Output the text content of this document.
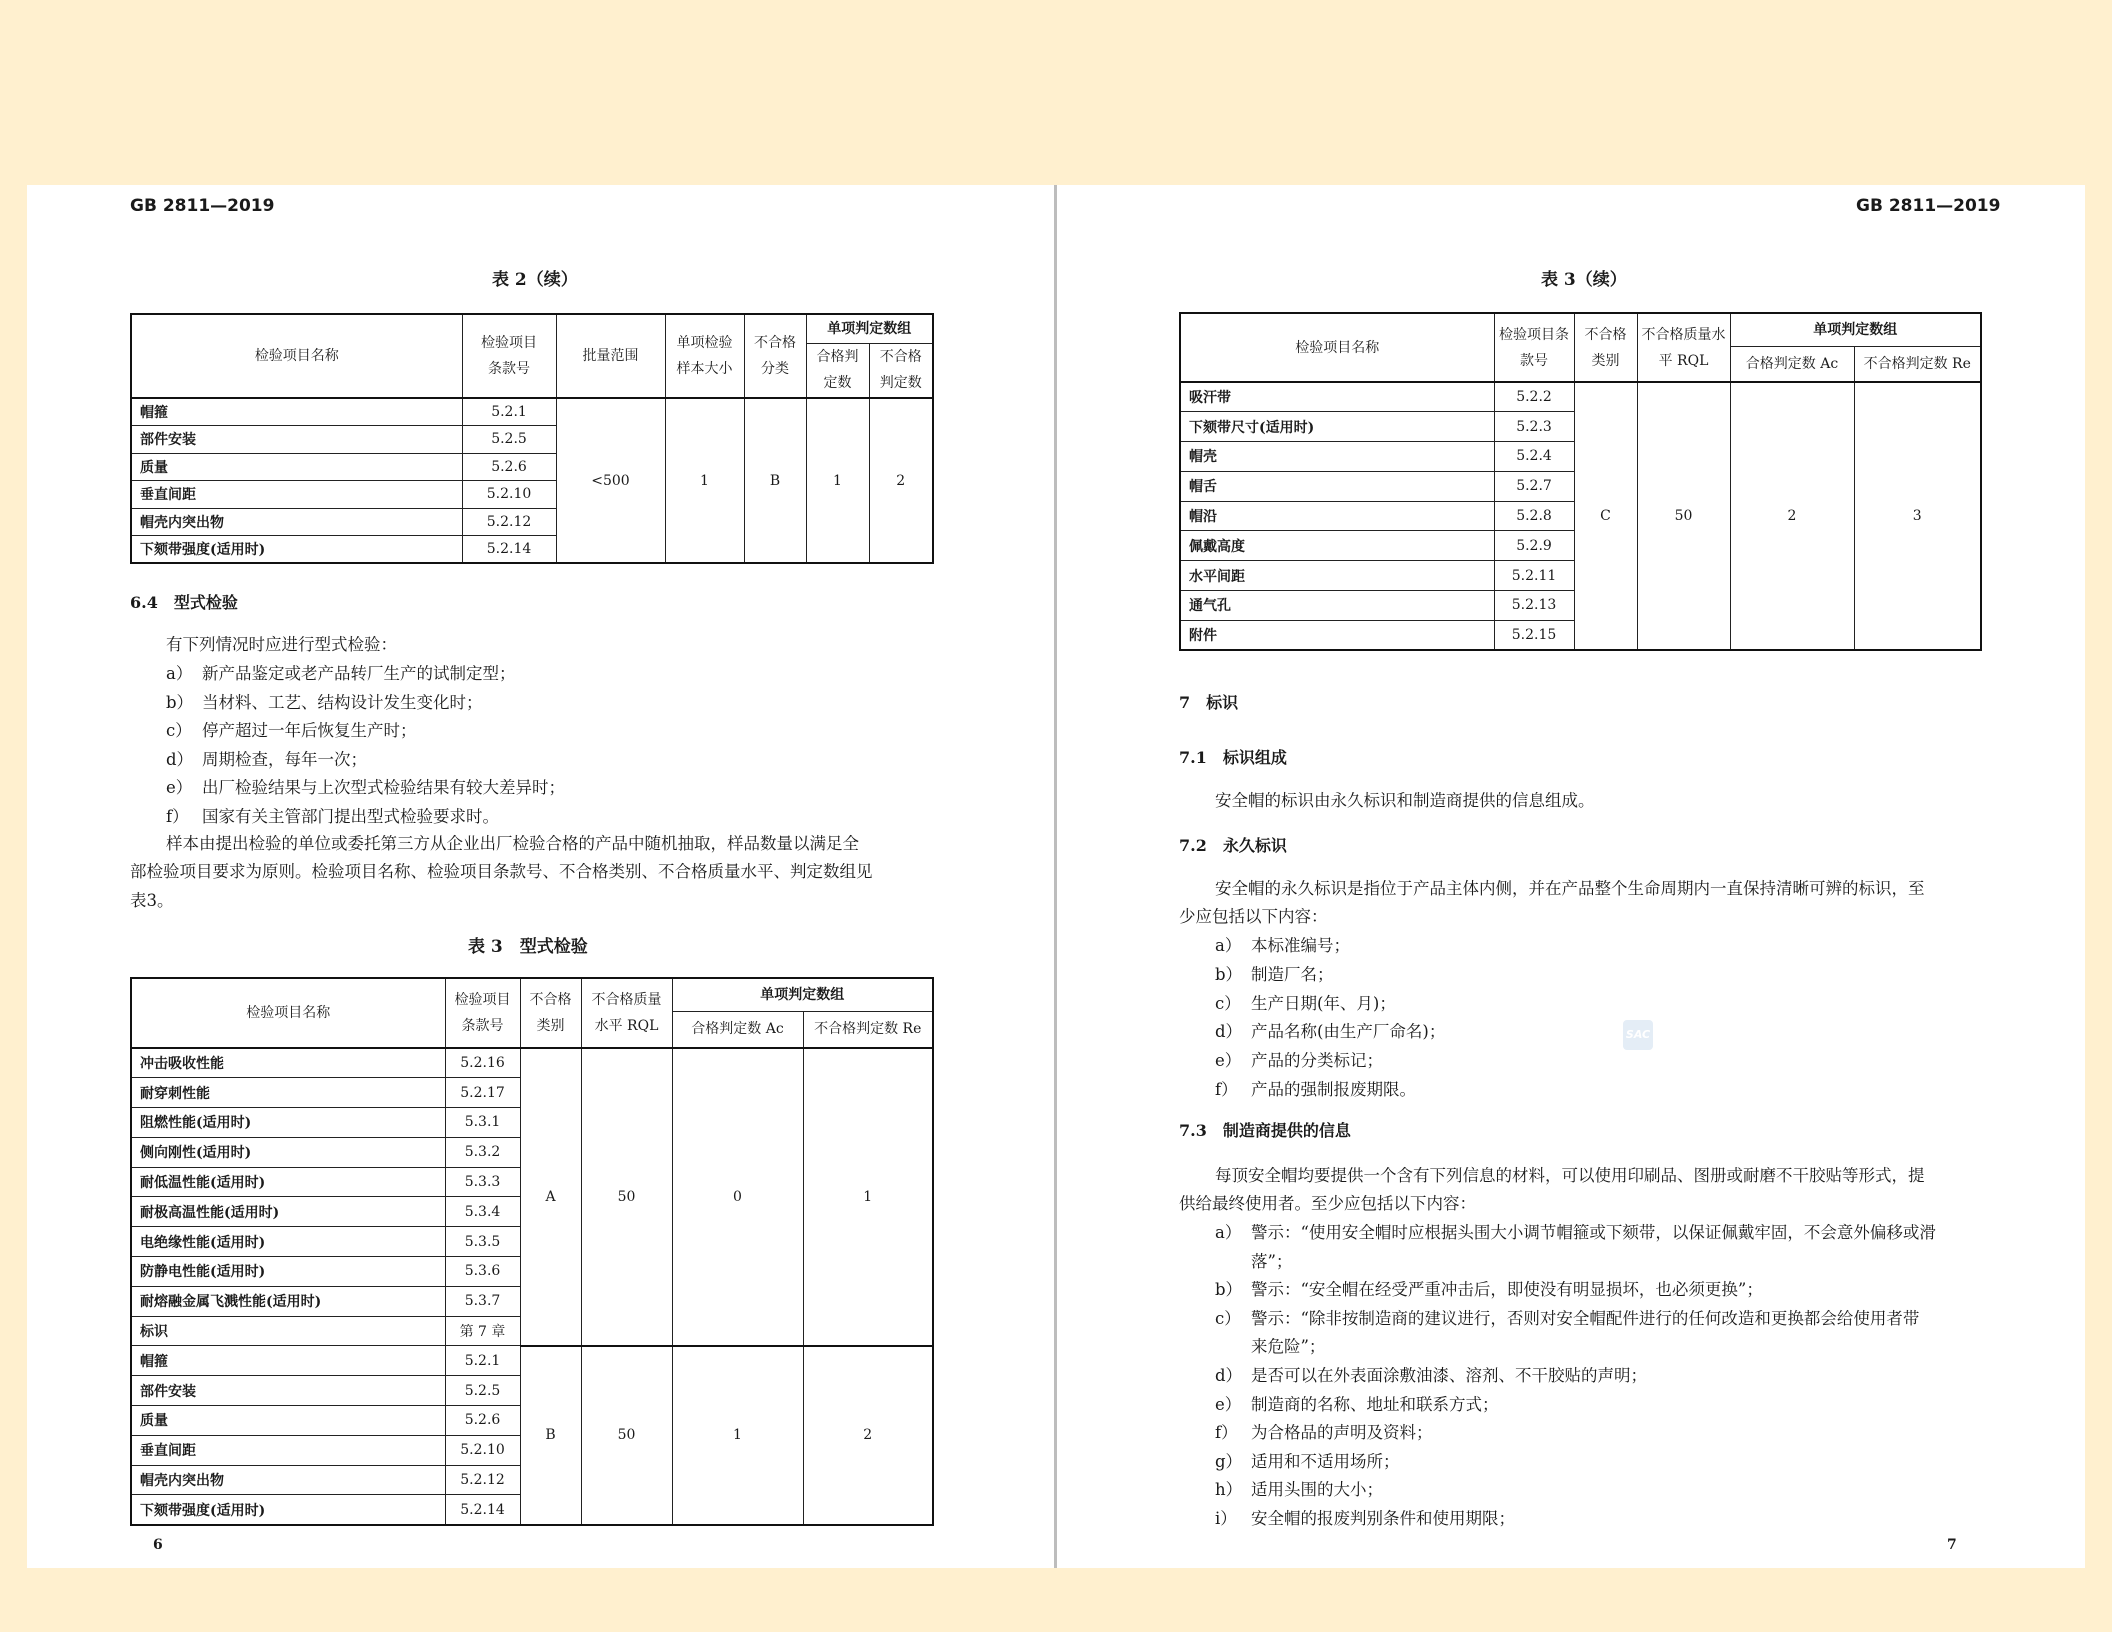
GB 2811—2019
表 2（续）
检验项目名称	检验项目条款号	批量范围	单项检验样本大小	不合格分类	单项判定数组	
					合格判定数	不合格判定数
帽箍	5.2.1	<500	1	B	1	2
部件安装	5.2.5					
质量	5.2.6					
垂直间距	5.2.10					
帽壳内突出物	5.2.12					
下颏带强度(适用时)	5.2.14					
6.4　型式检验
有下列情况时应进行型式检验：
a） 新产品鉴定或老产品转厂生产的试制定型；
b） 当材料、工艺、结构设计发生变化时；
c） 停产超过一年后恢复生产时；
d） 周期检查，每年一次；
e） 出厂检验结果与上次型式检验结果有较大差异时；
f） 国家有关主管部门提出型式检验要求时。
样本由提出检验的单位或委托第三方从企业出厂检验合格的产品中随机抽取，样品数量以满足全
部检验项目要求为原则。检验项目名称、检验项目条款号、不合格类别、不合格质量水平、判定数组见
表3。
表 3　型式检验
检验项目名称	检验项目条款号	不合格类别	不合格质量水平 RQL	单项判定数组	
				合格判定数 Ac	不合格判定数 Re
冲击吸收性能	5.2.16	A	50	0	1
耐穿刺性能	5.2.17				
阻燃性能(适用时)	5.3.1				
侧向刚性(适用时)	5.3.2				
耐低温性能(适用时)	5.3.3				
耐极高温性能(适用时)	5.3.4				
电绝缘性能(适用时)	5.3.5				
防静电性能(适用时)	5.3.6				
耐熔融金属飞溅性能(适用时)	5.3.7				
标识	第 7 章				
帽箍	5.2.1	B	50	1	2
部件安装	5.2.5				
质量	5.2.6				
垂直间距	5.2.10				
帽壳内突出物	5.2.12				
下颏带强度(适用时)	5.2.14				
6
GB 2811—2019
表 3（续）
检验项目名称	检验项目条款号	不合格类别	不合格质量水平 RQL	单项判定数组	
				合格判定数 Ac	不合格判定数 Re
吸汗带	5.2.2	C	50	2	3
下颏带尺寸(适用时)	5.2.3				
帽壳	5.2.4				
帽舌	5.2.7				
帽沿	5.2.8				
佩戴高度	5.2.9				
水平间距	5.2.11				
通气孔	5.2.13				
附件	5.2.15				
7　标识
7.1　标识组成
安全帽的标识由永久标识和制造商提供的信息组成。
7.2　永久标识
安全帽的永久标识是指位于产品主体内侧，并在产品整个生命周期内一直保持清晰可辨的标识，至
少应包括以下内容：
a） 本标准编号；
b） 制造厂名；
c） 生产日期(年、月)；
d） 产品名称(由生产厂命名)；
e） 产品的分类标记；
f） 产品的强制报废期限。
SAC
7.3　制造商提供的信息
每顶安全帽均要提供一个含有下列信息的材料，可以使用印刷品、图册或耐磨不干胶贴等形式，提
供给最终使用者。至少应包括以下内容：
a） 警示：“使用安全帽时应根据头围大小调节帽箍或下颏带，以保证佩戴牢固，不会意外偏移或滑
落”；
b） 警示：“安全帽在经受严重冲击后，即使没有明显损坏，也必须更换”；
c） 警示：“除非按制造商的建议进行，否则对安全帽配件进行的任何改造和更换都会给使用者带
来危险”；
d） 是否可以在外表面涂敷油漆、溶剂、不干胶贴的声明；
e） 制造商的名称、地址和联系方式；
f） 为合格品的声明及资料；
g） 适用和不适用场所；
h） 适用头围的大小；
i） 安全帽的报废判别条件和使用期限；
7
